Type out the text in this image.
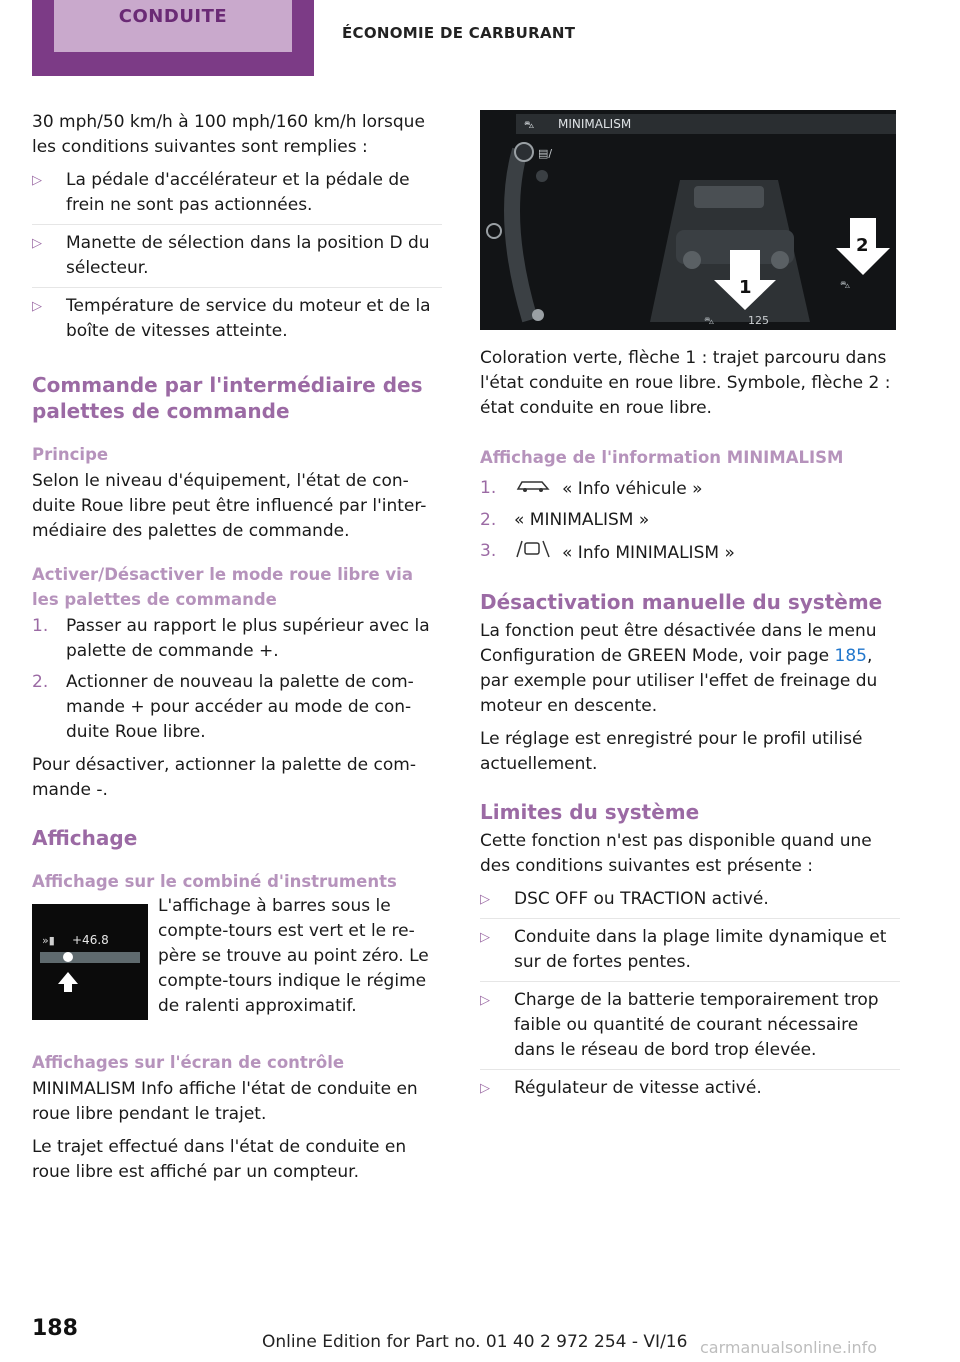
CONDUITE
ÉCONOMIE DE CARBURANT

30 mph/50 km/h à 100 mph/160 km/h lorsque les conditions suivantes sont remplies :

▷ La pédale d'accélérateur et la pédale de frein ne sont pas actionnées.
▷ Manette de sélection dans la position D du sélecteur.
▷ Température de service du moteur et de la boîte de vitesses atteinte.
Commande par l'intermédiaire des palettes de commande
Principe

Selon le niveau d'équipement, l'état de con-duite Roue libre peut être influencé par l'inter-médiaire des palettes de commande.

Activer/Désactiver le mode roue libre via les palettes de commande
1. Passer au rapport le plus supérieur avec la palette de commande +.
2. Actionner de nouveau la palette de com-mande + pour accéder au mode de con-duite Roue libre.

Pour désactiver, actionner la palette de com-mande -.

Affichage
Affichage sur le combiné d'instruments
»▮ +46.8

L'affichage à barres sous le compte-tours est vert et le re-père se trouve au point zéro. Le compte-tours indique le régime de ralenti approximatif.

Affichages sur l'écran de contrôle

MINIMALISM Info affiche l'état de conduite en roue libre pendant le trajet.

Le trajet effectué dans l'état de conduite en roue libre est affiché par un compteur.

⛍ MINIMALISM
▤∕
1
2
⛍
⛍	125

Coloration verte, flèche 1 : trajet parcouru dans l'état conduite en roue libre. Symbole, flèche 2 : état conduite en roue libre.

Affichage de l'information MINIMALISM
1.	« Info véhicule »
2. « MINIMALISM »
3.	« Info MINIMALISM »
Désactivation manuelle du système

La fonction peut être désactivée dans le menu Configuration de GREEN Mode, voir page 185, par exemple pour utiliser l'effet de freinage du moteur en descente.

Le réglage est enregistré pour le profil utilisé actuellement.

Limites du système

Cette fonction n'est pas disponible quand une des conditions suivantes est présente :

▷ DSC OFF ou TRACTION activé.
▷ Conduite dans la plage limite dynamique et sur de fortes pentes.
▷ Charge de la batterie temporairement trop faible ou quantité de courant nécessaire dans le réseau de bord trop élevée.
▷ Régulateur de vitesse activé.
188
Online Edition for Part no. 01 40 2 972 254 - VI/16 carmanualsonline.info
